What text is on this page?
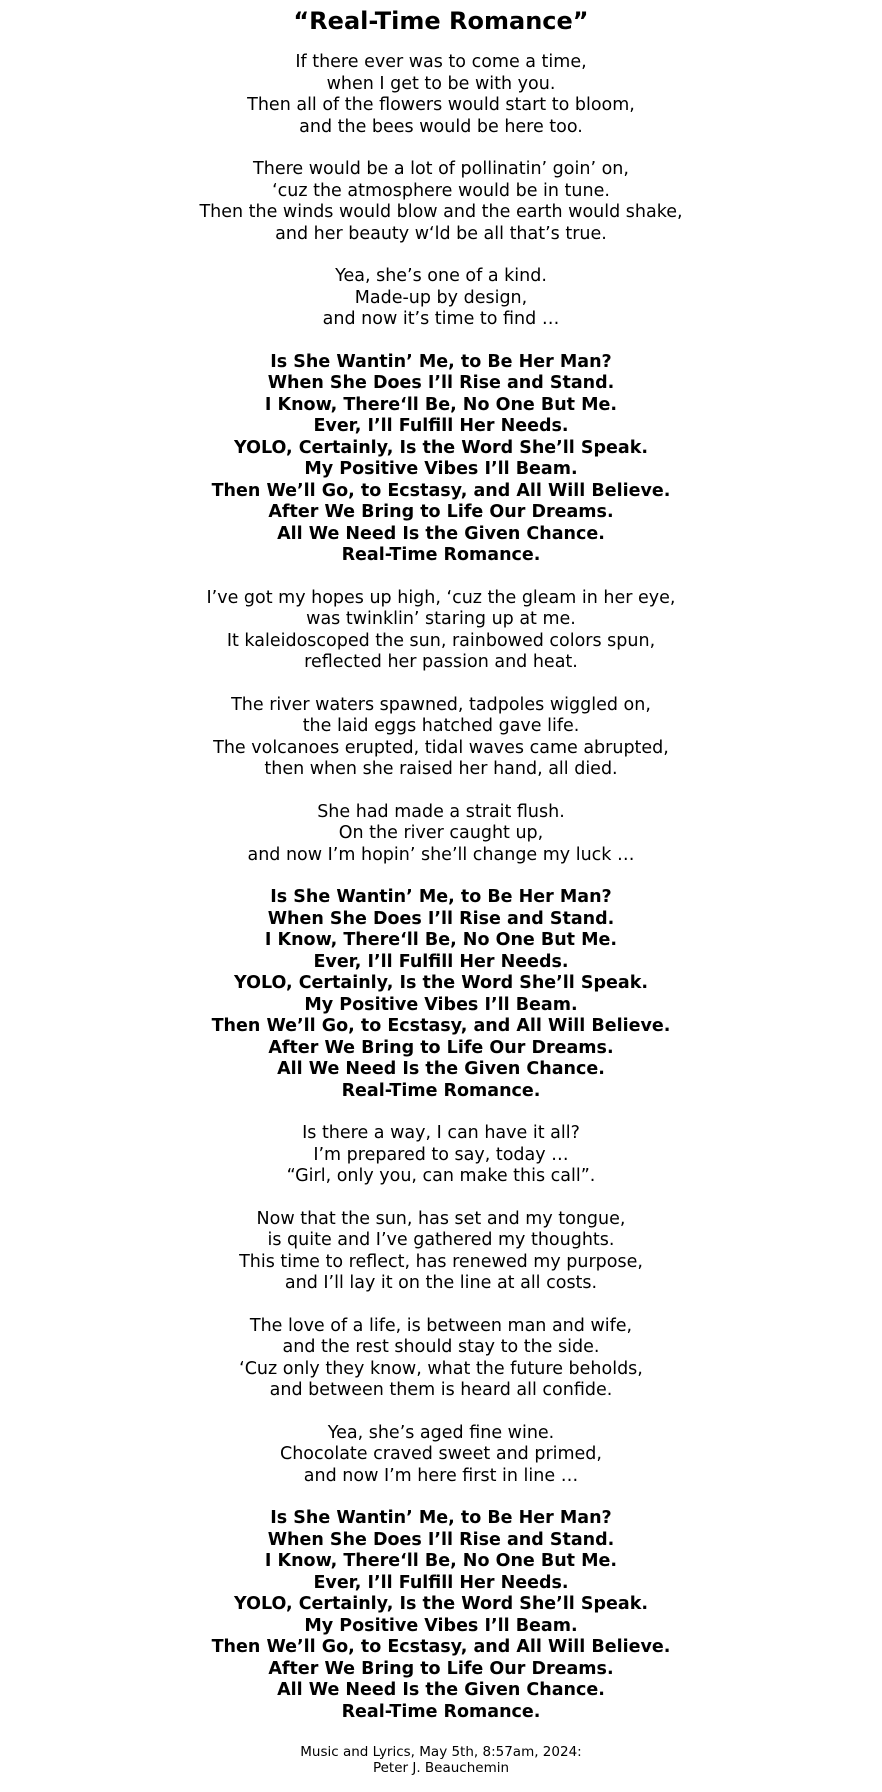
“Real-Time Romance”
If there ever was to come a time,
when I get to be with you.
Then all of the flowers would start to bloom,
and the bees would be here too.
There would be a lot of pollinatin’ goin’ on,
‘cuz the atmosphere would be in tune.
Then the winds would blow and the earth would shake,
and her beauty w‘ld be all that’s true.
Yea, she’s one of a kind.
Made-up by design,
and now it’s time to find …
Is She Wantin’ Me, to Be Her Man?
When She Does I’ll Rise and Stand.
I Know, There‘ll Be, No One But Me.
Ever, I’ll Fulfill Her Needs.
YOLO, Certainly, Is the Word She’ll Speak.
My Positive Vibes I’ll Beam.
Then We’ll Go, to Ecstasy, and All Will Believe.
After We Bring to Life Our Dreams.
All We Need Is the Given Chance.
Real-Time Romance.
I’ve got my hopes up high, ‘cuz the gleam in her eye,
was twinklin’ staring up at me.
It kaleidoscoped the sun, rainbowed colors spun,
reflected her passion and heat.
The river waters spawned, tadpoles wiggled on,
the laid eggs hatched gave life.
The volcanoes erupted, tidal waves came abrupted,
then when she raised her hand, all died.
She had made a strait flush.
On the river caught up,
and now I’m hopin’ she’ll change my luck …
Is She Wantin’ Me, to Be Her Man?
When She Does I’ll Rise and Stand.
I Know, There‘ll Be, No One But Me.
Ever, I’ll Fulfill Her Needs.
YOLO, Certainly, Is the Word She’ll Speak.
My Positive Vibes I’ll Beam.
Then We’ll Go, to Ecstasy, and All Will Believe.
After We Bring to Life Our Dreams.
All We Need Is the Given Chance.
Real-Time Romance.
Is there a way, I can have it all?
I’m prepared to say, today …
“Girl, only you, can make this call”.
Now that the sun, has set and my tongue,
is quite and I’ve gathered my thoughts.
This time to reflect, has renewed my purpose,
and I’ll lay it on the line at all costs.
The love of a life, is between man and wife,
and the rest should stay to the side.
‘Cuz only they know, what the future beholds,
and between them is heard all confide.
Yea, she’s aged fine wine.
Chocolate craved sweet and primed,
and now I’m here first in line …
Is She Wantin’ Me, to Be Her Man?
When She Does I’ll Rise and Stand.
I Know, There‘ll Be, No One But Me.
Ever, I’ll Fulfill Her Needs.
YOLO, Certainly, Is the Word She’ll Speak.
My Positive Vibes I’ll Beam.
Then We’ll Go, to Ecstasy, and All Will Believe.
After We Bring to Life Our Dreams.
All We Need Is the Given Chance.
Real-Time Romance.
Music and Lyrics, May 5th, 8:57am, 2024:
Peter J. Beauchemin
